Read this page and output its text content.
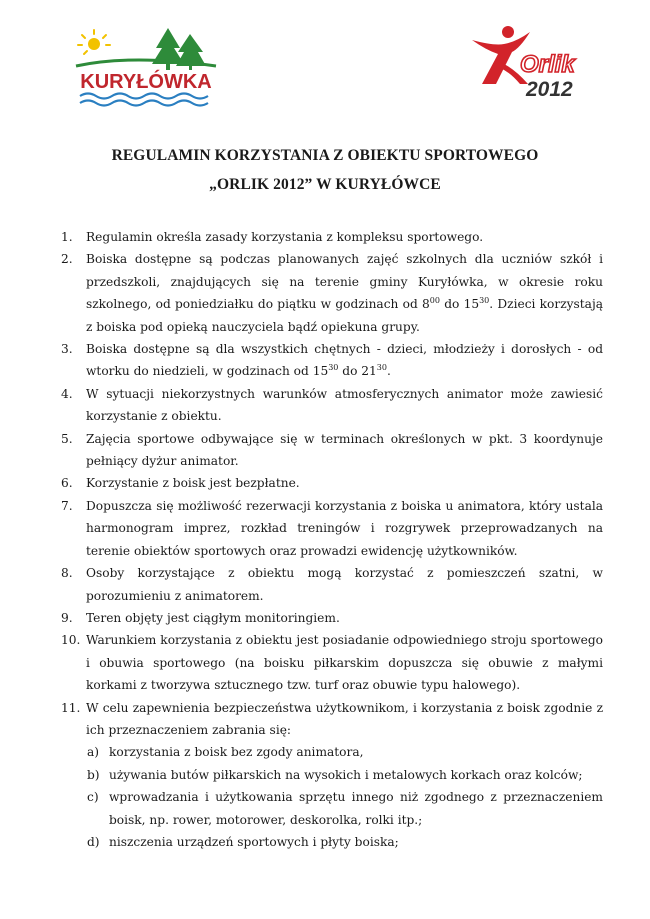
KURYŁÓWKA
Orlik
2012
REGULAMIN KORZYSTANIA Z OBIEKTU SPORTOWEGO
„ORLIK 2012” W KURYŁÓWCE
1. Regulamin określa zasady korzystania z kompleksu sportowego.
2. Boiska dostępne są podczas planowanych zajęć szkolnych dla uczniów szkół i przedszkoli, znajdujących się na terenie gminy Kuryłówka, w okresie roku szkolnego, od poniedziałku do piątku w godzinach od $8^{00}$ do $15^{30}$. Dzieci korzystają z boiska pod opieką nauczyciela bądź opiekuna grupy.
3. Boiska dostępne są dla wszystkich chętnych - dzieci, młodzieży i dorosłych - od wtorku do niedzieli, w godzinach od $15^{30}$ do $21^{30}$.
4. W sytuacji niekorzystnych warunków atmosferycznych animator może zawiesić korzystanie z obiektu.
5. Zajęcia sportowe odbywające się w terminach określonych w pkt. 3 koordynuje pełniący dyżur animator.
6. Korzystanie z boisk jest bezpłatne.
7. Dopuszcza się możliwość rezerwacji korzystania z boiska u animatora, który ustala harmonogram imprez, rozkład treningów i rozgrywek przeprowadzanych na terenie obiektów sportowych oraz prowadzi ewidencję użytkowników.
8. Osoby korzystające z obiektu mogą korzystać z pomieszczeń szatni, w porozumieniu z animatorem.
9. Teren objęty jest ciągłym monitoringiem.
10. Warunkiem korzystania z obiektu jest posiadanie odpowiedniego stroju sportowego i obuwia sportowego (na boisku piłkarskim dopuszcza się obuwie z małymi korkami z tworzywa sztucznego tzw. turf oraz obuwie typu halowego).
11. W celu zapewnienia bezpieczeństwa użytkownikom, i korzystania z boisk zgodnie z ich przeznaczeniem zabrania się:
a) korzystania z boisk bez zgody animatora,
b) używania butów piłkarskich na wysokich i metalowych korkach oraz kolców;
c) wprowadzania i użytkowania sprzętu innego niż zgodnego z przeznaczeniem boisk, np. rower, motorower, deskorolka, rolki itp.;
d) niszczenia urządzeń sportowych i płyty boiska;
